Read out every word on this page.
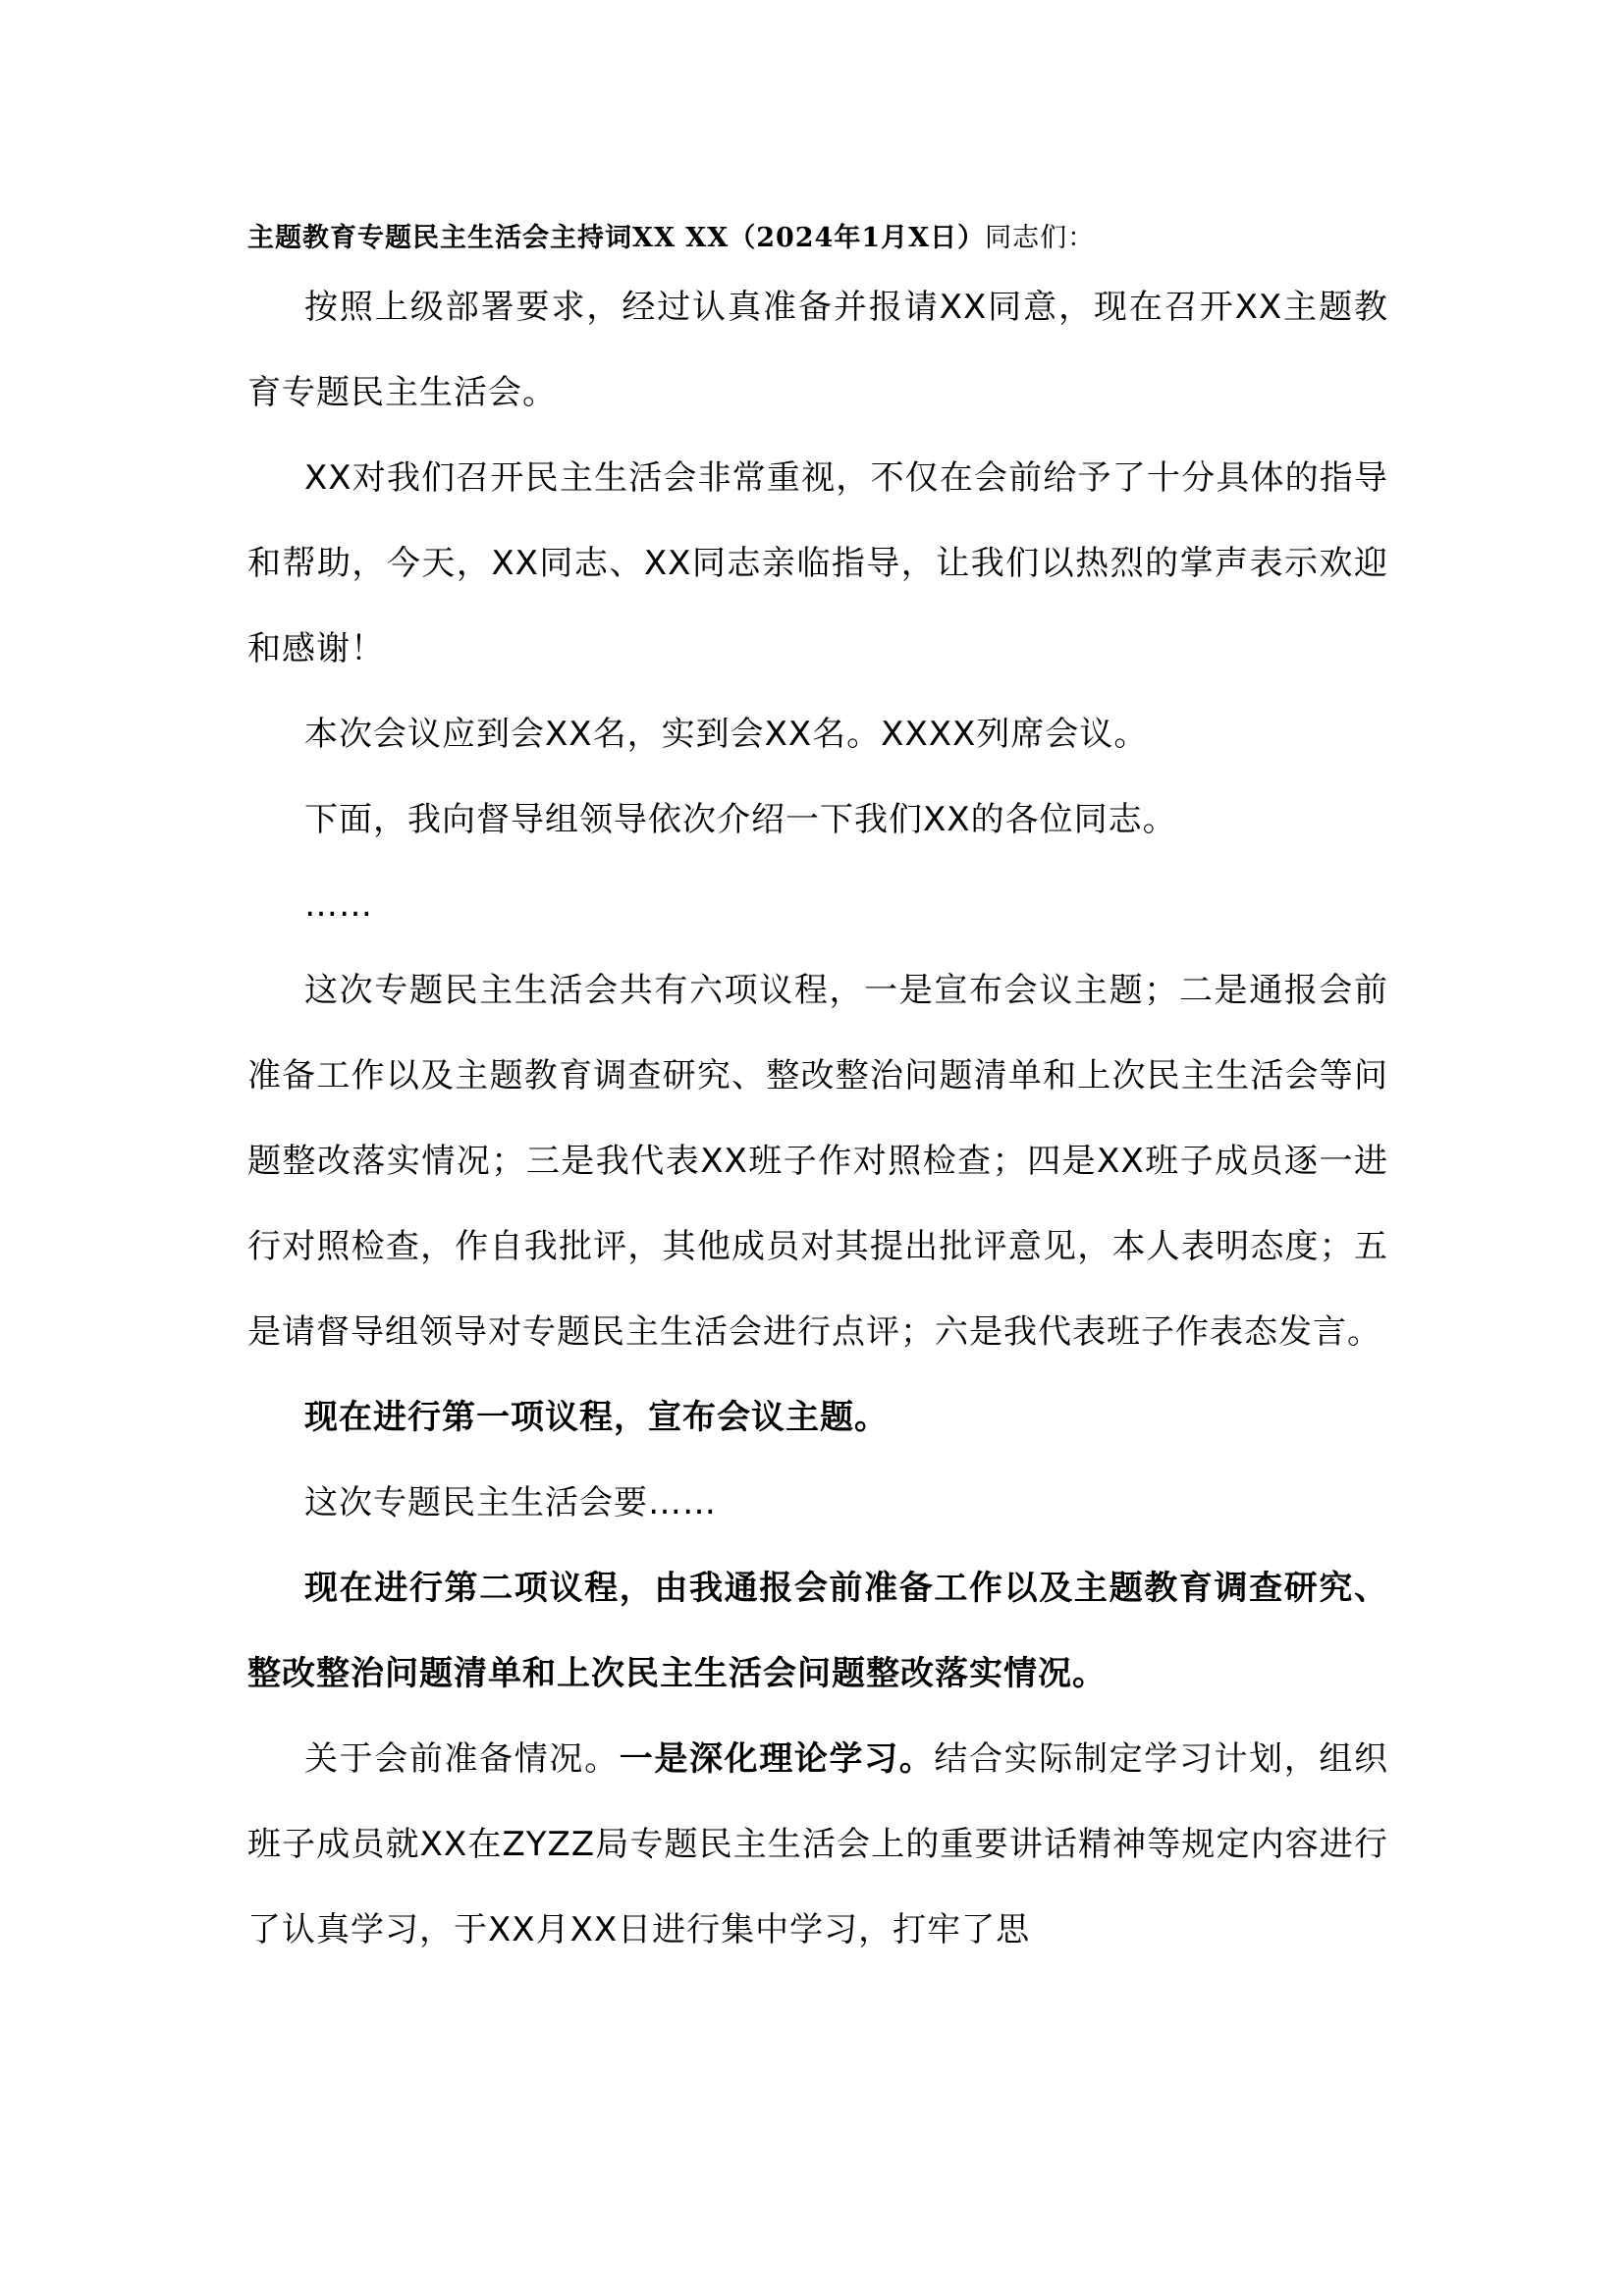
主题教育专题民主生活会主持词XX XX（2024年1月X日）同志们：

按照上级部署要求，经过认真准备并报请XX同意，现在召开XX主题教育专题民主生活会。

XX对我们召开民主生活会非常重视，不仅在会前给予了十分具体的指导和帮助，今天，XX同志、XX同志亲临指导，让我们以热烈的掌声表示欢迎和感谢！

本次会议应到会XX名，实到会XX名。XXXX列席会议。

下面，我向督导组领导依次介绍一下我们XX的各位同志。

……

这次专题民主生活会共有六项议程，一是宣布会议主题；二是通报会前准备工作以及主题教育调查研究、整改整治问题清单和上次民主生活会等问题整改落实情况；三是我代表XX班子作对照检查；四是XX班子成员逐一进行对照检查，作自我批评，其他成员对其提出批评意见，本人表明态度；五是请督导组领导对专题民主生活会进行点评；六是我代表班子作表态发言。

现在进行第一项议程，宣布会议主题。

这次专题民主生活会要……

现在进行第二项议程，由我通报会前准备工作以及主题教育调查研究、整改整治问题清单和上次民主生活会问题整改落实情况。

关于会前准备情况。一是深化理论学习。结合实际制定学习计划，组织班子成员就XX在ZYZZ局专题民主生活会上的重要讲话精神等规定内容进行了认真学习，于XX月XX日进行集中学习，打牢了思
